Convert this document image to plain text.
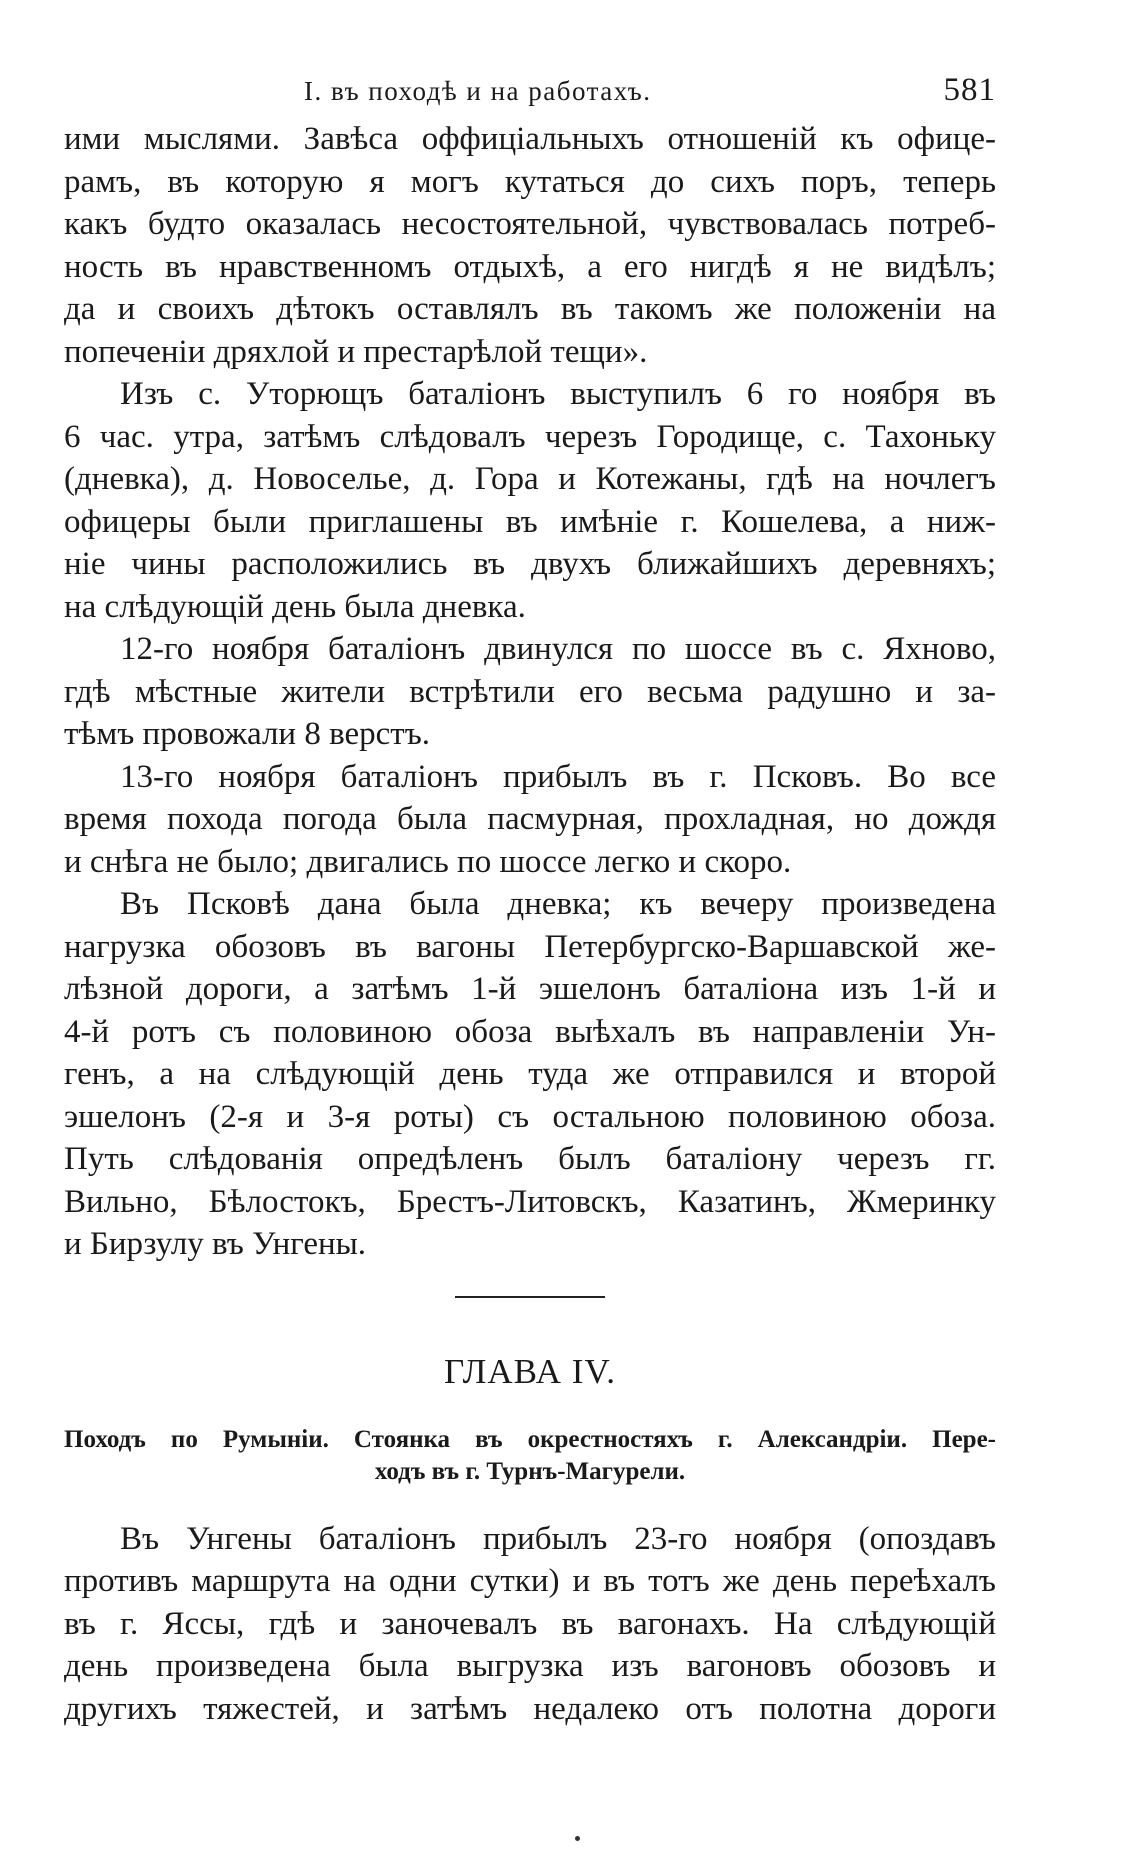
I. въ походѣ и на работахъ.	581
ими мыслями. Завѣса оффиціальныхъ отношеній къ офице-
рамъ, въ которую я могъ кутаться до сихъ поръ, теперь
какъ будто оказалась несостоятельной, чувствовалась потреб-
ность въ нравственномъ отдыхѣ, а его нигдѣ я не видѣлъ;
да и своихъ дѣтокъ оставлялъ въ такомъ же положеніи на
попеченіи дряхлой и престарѣлой тещи».
Изъ с. Уторющъ баталіонъ выступилъ 6 го ноября въ
6 час. утра, затѣмъ слѣдовалъ черезъ Городище, с. Тахоньку
(дневка), д. Новоселье, д. Гора и Котежаны, гдѣ на ночлегъ
офицеры были приглашены въ имѣніе г. Кошелева, а ниж-
ніе чины расположились въ двухъ ближайшихъ деревняхъ;
на слѣдующій день была дневка.
12-го ноября баталіонъ двинулся по шоссе въ с. Яхново,
гдѣ мѣстные жители встрѣтили его весьма радушно и за-
тѣмъ провожали 8 верстъ.
13-го ноября баталіонъ прибылъ въ г. Псковъ. Во все
время похода погода была пасмурная, прохладная, но дождя
и снѣга не было; двигались по шоссе легко и скоро.
Въ Псковѣ дана была дневка; къ вечеру произведена
нагрузка обозовъ въ вагоны Петербургско-Варшавской же-
лѣзной дороги, а затѣмъ 1-й эшелонъ баталіона изъ 1-й и
4-й ротъ съ половиною обоза выѣхалъ въ направленіи Ун-
генъ, а на слѣдующій день туда же отправился и второй
эшелонъ (2-я и 3-я роты) съ остальною половиною обоза.
Путь слѣдованія опредѣленъ былъ баталіону черезъ гг.
Вильно, Бѣлостокъ, Брестъ-Литовскъ, Казатинъ, Жмеринку
и Бирзулу въ Унгены.
ГЛАВА IV.
Походъ по Румыніи. Стоянка въ окрестностяхъ г. Александріи. Пере-
ходъ въ г. Турнъ-Магурели.
Въ Унгены баталіонъ прибылъ 23-го ноября (опоздавъ
противъ маршрута на одни сутки) и въ тотъ же день переѣхалъ
въ г. Яссы, гдѣ и заночевалъ въ вагонахъ. На слѣдующій
день произведена была выгрузка изъ вагоновъ обозовъ и
другихъ тяжестей, и затѣмъ недалеко отъ полотна дороги
